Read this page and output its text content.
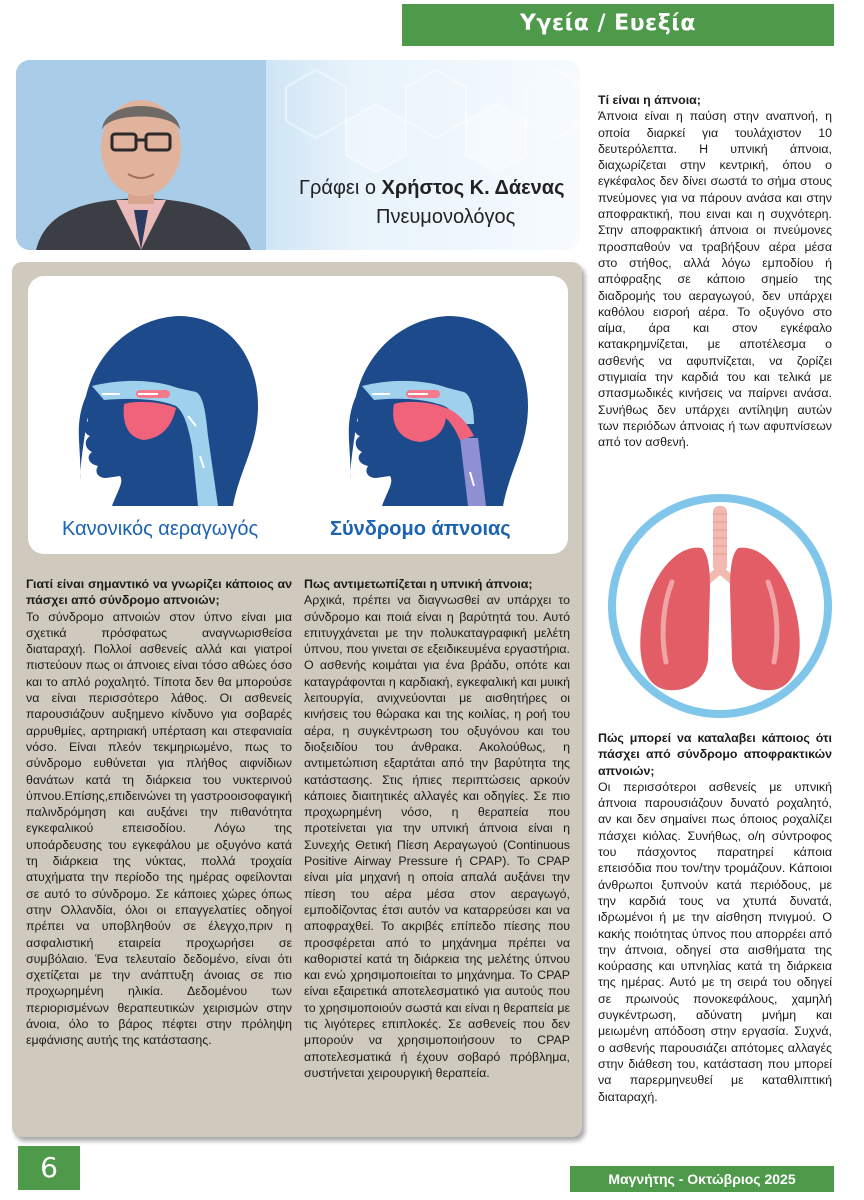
Υγεία / Ευεξία
Γράφει ο Χρήστος Κ. Δάενας
Πνευμονολόγος
Κανονικός αεραγωγός	Σύνδρομο άπνοιας

Γιατί είναι σημαντικό να γνωρίζει κάποιος αν πάσχει από σύνδρομο απνοιών;

Το σύνδρομο απνοιών στον ύπνο είναι μια σχετικά πρόσφατως αναγνωρισθείσα διαταραχή. Πολλοί ασθενείς αλλά και γιατροί πιστεύουν πως οι άπνοιες είναι τόσο αθώες όσο και το απλό ροχαλητό. Τίποτα δεν θα μπορούσε να είναι περισσότερο λάθος. Οι ασθενείς παρουσιάζουν αυξημενο κίνδυνο για σοβαρές αρρυθμίες, αρτηριακή υπέρταση και στεφανιαία νόσο. Είναι πλεόν τεκμηριωμένο, πως το σύνδρομο ευθύνεται για πλήθος αιφνίδιων θανάτων κατά τη διάρκεια του νυκτερινού ύπνου.Επίσης,επιδεινώνει τη γαστροοισοφαγική παλινδρόμηση και αυξάνει την πιθανότητα εγκεφαλικού επεισοδίου. Λόγω της υποάρδευσης του εγκεφάλου με οξυγόνο κατά τη διάρκεια της νύκτας, πολλά τροχαία ατυχήματα την περίοδο της ημέρας οφείλονται σε αυτό το σύνδρομο. Σε κάποιες χώρες όπως στην Ολλανδία, όλοι οι επαγγελατίες οδηγοί πρέπει να υποβληθούν σε έλεγχο,πριν η ασφαλιστική εταιρεία προχωρήσει σε συμβόλαιο. Ένα τελευταίο δεδομένο, είναι ότι σχετίζεται με την ανάπτυξη άνοιας σε πιο προχωρημένη ηλικία. Δεδομένου των περιορισμένων θεραπευτικών χειρισμών στην άνοια, όλο το βάρος πέφτει στην πρόληψη εμφάνισης αυτής της κατάστασης.

Πως αντιμετωπίζεται η υπνική άπνοια;

Αρχικά, πρέπει να διαγνωσθεί αν υπάρχει το σύνδρομο και ποιά είναι η βαρύτητά του. Αυτό επιτυγχάνεται με την πολυκαταγραφική μελέτη ύπνου, που γινεται σε εξειδικευμένα εργαστήρια. Ο ασθενής κοιμάται για ένα βράδυ, οπότε και καταγράφονται η καρδιακή, εγκεφαλική και μυική λειτουργία, ανιχνεύονται με αισθητήρες οι κινήσεις του θώρακα και της κοιλίας, η ροή του αέρα, η συγκέντρωση του οξυγόνου και του διοξειδίου του άνθρακα. Ακολούθως, η αντιμετώπιση εξαρτάται από την βαρύτητα της κατάστασης. Στις ήπιες περιπτώσεις αρκούν κάποιες διαιτητικές αλλαγές και οδηγίες. Σε πιο προχωρημένη νόσο, η θεραπεία που προτείνεται για την υπνική άπνοια είναι η Συνεχής Θετική Πίεση Αεραγωγού (Continuous Positive Airway Pressure ή CPAP). Το CPAP είναι μία μηχανή η οποία απαλά αυξάνει την πίεση του αέρα μέσα στον αεραγωγό, εμποδίζοντας έτσι αυτόν να καταρρεύσει και να αποφραχθεί. Το ακριβές επίπεδο πίεσης που προσφέρεται από το μηχάνημα πρέπει να καθοριστεί κατά τη διάρκεια της μελέτης ύπνου και ενώ χρησιμοποιείται το μηχάνημα. Το CPAP είναι εξαιρετικά αποτελεσματικό για αυτούς που το χρησιμοποιούν σωστά και είναι η θεραπεία με τις λιγότερες επιπλοκές. Σε ασθενείς που δεν μπορούν να χρησιμοποιήσουν το CPAP αποτελεσματικά ή έχουν σοβαρό πρόβλημα, συστήνεται χειρουργική θεραπεία.

Τί είναι η άπνοια;

Άπνοια είναι η παύση στην αναπνοή, η οποία διαρκεί για τουλάχιστον 10 δευτερόλεπτα. Η υπνική άπνοια, διαχωρίζεται στην κεντρική, όπου ο εγκέφαλος δεν δίνει σωστά το σήμα στους πνεύμονες για να πάρουν ανάσα και στην αποφρακτική, που ειναι και η συχνότερη. Στην αποφρακτική άπνοια οι πνεύμονες προσπαθούν να τραβήξουν αέρα μέσα στο στήθος, αλλά λόγω εμποδίου ή απόφραξης σε κάποιο σημείο της διαδρομής του αεραγωγού, δεν υπάρχει καθόλου εισροή αέρα. Το οξυγόνο στο αίμα, άρα και στον εγκέφαλο κατακρημνίζεται, με αποτέλεσμα ο ασθενής να αφυπνίζεται, να ζορίζει στιγμιαία την καρδιά του και τελικά με σπασμωδικές κινήσεις να παίρνει ανάσα. Συνήθως δεν υπάρχει αντίληψη αυτών των περιόδων άπνοιας ή των αφυπνίσεων από τον ασθενή.

Πώς μπορεί να καταλαβει κάποιος ότι πάσχει από σύνδρομο αποφρακτικών απνοιών;

Οι περισσότεροι ασθενείς με υπνική άπνοια παρουσιάζουν δυνατό ροχαλητό, αν και δεν σημαίνει πως όποιος ροχαλίζει πάσχει κιόλας. Συνήθως, ο/η σύντροφος του πάσχοντος παρατηρεί κάποια επεισόδια που τον/την τρομάζουν. Κάποιοι άνθρωποι ξυπνούν κατά περιόδους, με την καρδιά τους να χτυπά δυνατά, ιδρωμένοι ή με την αίσθηση πνιγμού. Ο κακής ποιότητας ύπνος που απορρέει από την άπνοια, οδηγεί στα αισθήματα της κούρασης και υπνηλίας κατά τη διάρκεια της ημέρας. Αυτό με τη σειρά του οδηγεί σε πρωινούς πονοκεφάλους, χαμηλή συγκέντρωση, αδύνατη μνήμη και μειωμένη απόδοση στην εργασία. Συχνά, ο ασθενής παρουσιάζει απότομες αλλαγές στην διάθεση του, κατάσταση που μπορεί να παρερμηνευθεί με καταθλιπτική διαταραχή.

6	Μαγνήτης - Οκτώβριος 2025
